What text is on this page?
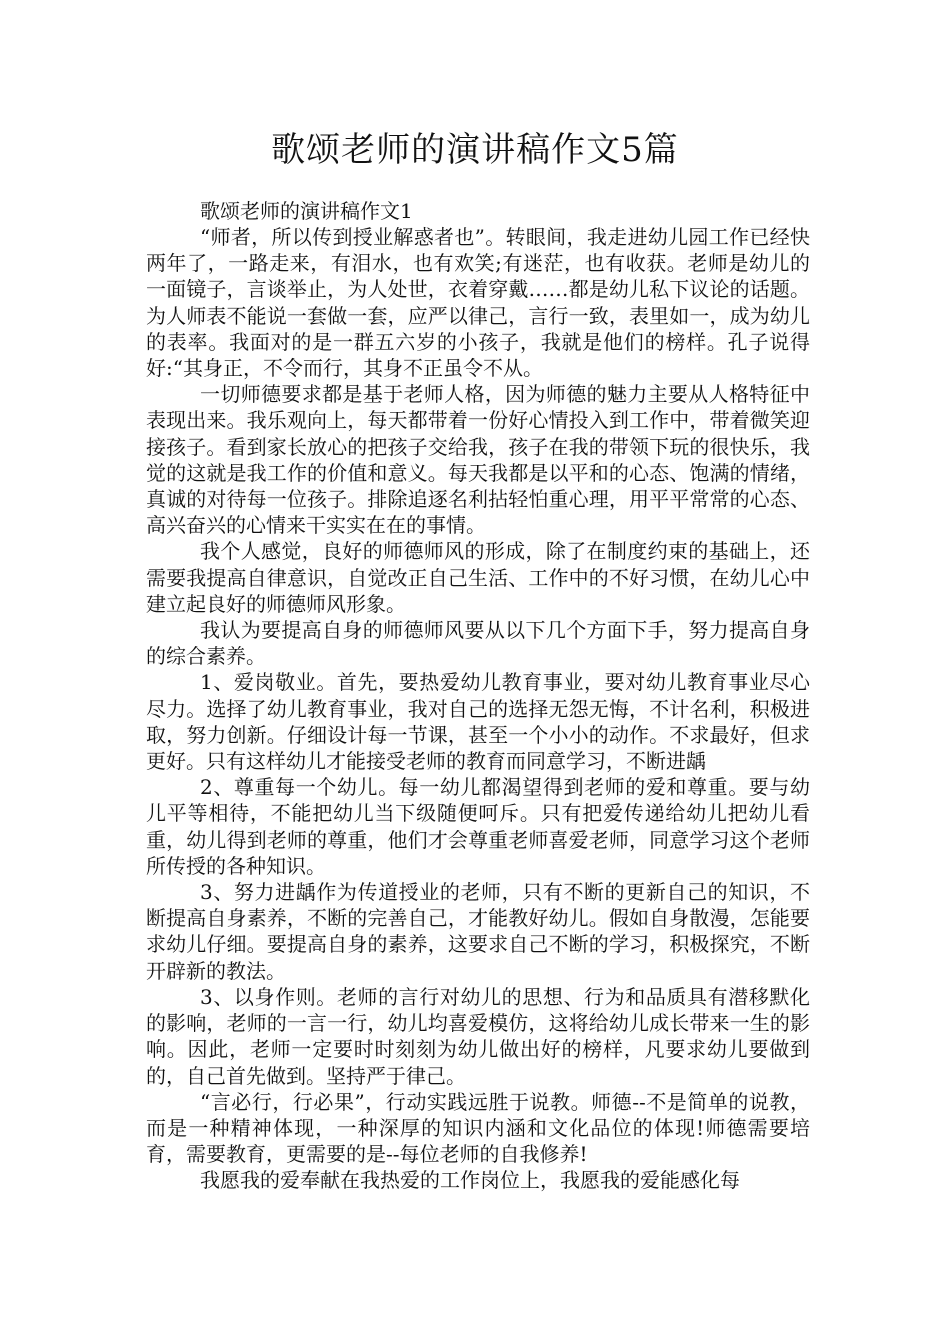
歌颂老师的演讲稿作文5篇

歌颂老师的演讲稿作文1

“师者，所以传到授业解惑者也”。转眼间，我走进幼儿园工作已经快两年了，一路走来，有泪水，也有欢笑;有迷茫，也有收获。老师是幼儿的一面镜子，言谈举止，为人处世，衣着穿戴……都是幼儿私下议论的话题。为人师表不能说一套做一套，应严以律己，言行一致，表里如一，成为幼儿的表率。我面对的是一群五六岁的小孩子，我就是他们的榜样。孔子说得好:“其身正，不令而行，其身不正虽令不从。

一切师德要求都是基于老师人格，因为师德的魅力主要从人格特征中表现出来。我乐观向上，每天都带着一份好心情投入到工作中，带着微笑迎接孩子。看到家长放心的把孩子交给我，孩子在我的带领下玩的很快乐，我觉的这就是我工作的价值和意义。每天我都是以平和的心态、饱满的情绪，真诚的对待每一位孩子。排除追逐名利拈轻怕重心理，用平平常常的心态、高兴奋兴的心情来干实实在在的事情。

我个人感觉，良好的师德师风的形成，除了在制度约束的基础上，还需要我提高自律意识，自觉改正自己生活、工作中的不好习惯，在幼儿心中建立起良好的师德师风形象。

我认为要提高自身的师德师风要从以下几个方面下手，努力提高自身的综合素养。

1、爱岗敬业。首先，要热爱幼儿教育事业，要对幼儿教育事业尽心尽力。选择了幼儿教育事业，我对自己的选择无怨无悔，不计名利，积极进取，努力创新。仔细设计每一节课，甚至一个小小的动作。不求最好，但求更好。只有这样幼儿才能接受老师的教育而同意学习，不断进龋

2、尊重每一个幼儿。每一幼儿都渴望得到老师的爱和尊重。要与幼儿平等相待，不能把幼儿当下级随便呵斥。只有把爱传递给幼儿把幼儿看重，幼儿得到老师的尊重，他们才会尊重老师喜爱老师，同意学习这个老师所传授的各种知识。

3、努力进龋作为传道授业的老师，只有不断的更新自己的知识，不断提高自身素养，不断的完善自己，才能教好幼儿。假如自身散漫，怎能要求幼儿仔细。要提高自身的素养，这要求自己不断的学习，积极探究，不断开辟新的教法。

3、以身作则。老师的言行对幼儿的思想、行为和品质具有潜移默化的影响，老师的一言一行，幼儿均喜爱模仿，这将给幼儿成长带来一生的影响。因此，老师一定要时时刻刻为幼儿做出好的榜样，凡要求幼儿要做到的，自己首先做到。坚持严于律己。

“言必行，行必果”，行动实践远胜于说教。师德--不是简单的说教，而是一种精神体现，一种深厚的知识内涵和文化品位的体现!师德需要培育，需要教育，更需要的是--每位老师的自我修养!

我愿我的爱奉献在我热爱的工作岗位上，我愿我的爱能感化每
